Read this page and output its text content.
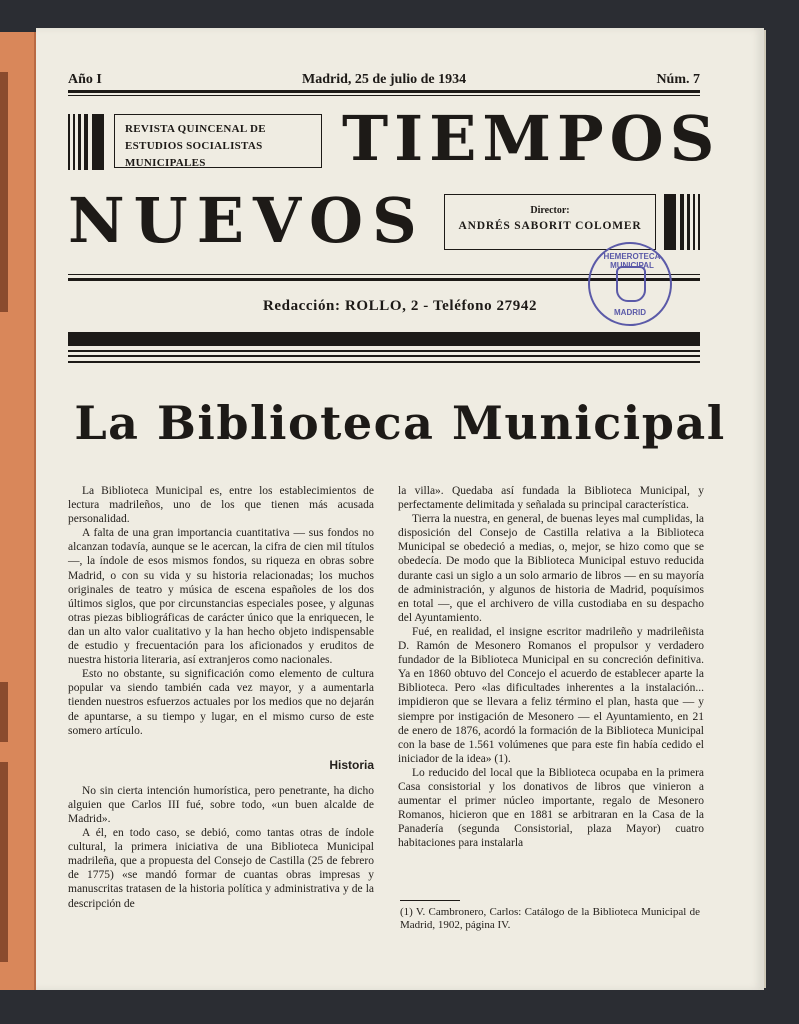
Año I	Madrid, 25 de julio de 1934	Núm. 7
REVISTA QUINCENAL DE ESTUDIOS SOCIALISTAS MUNICIPALES	TIEMPOS
NUEVOS	Director:
ANDRÉS SABORIT COLOMER
Redacción: ROLLO, 2 - Teléfono 27942
HEMEROTECA MUNICIPAL
MADRID
La Biblioteca Municipal

La Biblioteca Municipal es, entre los establecimientos de lectura madrileños, uno de los que tienen más acusada personalidad.

A falta de una gran importancia cuantitativa — sus fondos no alcanzan todavía, aunque se le acercan, la cifra de cien mil títulos —, la índole de esos mismos fondos, su riqueza en obras sobre Madrid, o con su vida y su historia relacionadas; los muchos originales de teatro y música de escena españoles de los dos últimos siglos, que por circunstancias especiales posee, y algunas otras piezas bibliográficas de carácter único que la enriquecen, le dan un alto valor cualitativo y la han hecho objeto indispensable de estudio y frecuentación para los aficionados y eruditos de nuestra historia literaria, así extranjeros como nacionales.

Esto no obstante, su significación como elemento de cultura popular va siendo también cada vez mayor, y a aumentarla tienden nuestros esfuerzos actuales por los medios que no dejarán de apuntarse, a su tiempo y lugar, en el mismo curso de este somero artículo.

Historia

No sin cierta intención humorística, pero penetrante, ha dicho alguien que Carlos III fué, sobre todo, «un buen alcalde de Madrid».

A él, en todo caso, se debió, como tantas otras de índole cultural, la primera iniciativa de una Biblioteca Municipal madrileña, que a propuesta del Consejo de Castilla (25 de febrero de 1775) «se mandó formar de cuantas obras impresas y manuscritas tratasen de la historia política y administrativa y de la descripción de

la villa». Quedaba así fundada la Biblioteca Municipal, y perfectamente delimitada y señalada su principal característica.

Tierra la nuestra, en general, de buenas leyes mal cumplidas, la disposición del Consejo de Castilla relativa a la Biblioteca Municipal se obedeció a medias, o, mejor, se hizo como que se obedecía. De modo que la Biblioteca Municipal estuvo reducida durante casi un siglo a un solo armario de libros — en su mayoría de administración, y algunos de historia de Madrid, poquísimos en total —, que el archivero de villa custodiaba en su despacho del Ayuntamiento.

Fué, en realidad, el insigne escritor madrileño y madrileñista D. Ramón de Mesonero Romanos el propulsor y verdadero fundador de la Biblioteca Municipal en su concreción definitiva. Ya en 1860 obtuvo del Concejo el acuerdo de establecer aparte la Biblioteca. Pero «las dificultades inherentes a la instalación... impidieron que se llevara a feliz término el plan, hasta que — y siempre por instigación de Mesonero — el Ayuntamiento, en 21 de enero de 1876, acordó la formación de la Biblioteca Municipal con la base de 1.561 volúmenes que para este fin había cedido el iniciador de la idea» (1).

Lo reducido del local que la Biblioteca ocupaba en la primera Casa consistorial y los donativos de libros que vinieron a aumentar el primer núcleo importante, regalo de Mesonero Romanos, hicieron que en 1881 se arbitraran en la Casa de la Panadería (segunda Consistorial, plaza Mayor) cuatro habitaciones para instalarla

(1) V. Cambronero, Carlos: Catálogo de la Biblioteca Municipal de Madrid, 1902, página IV.
